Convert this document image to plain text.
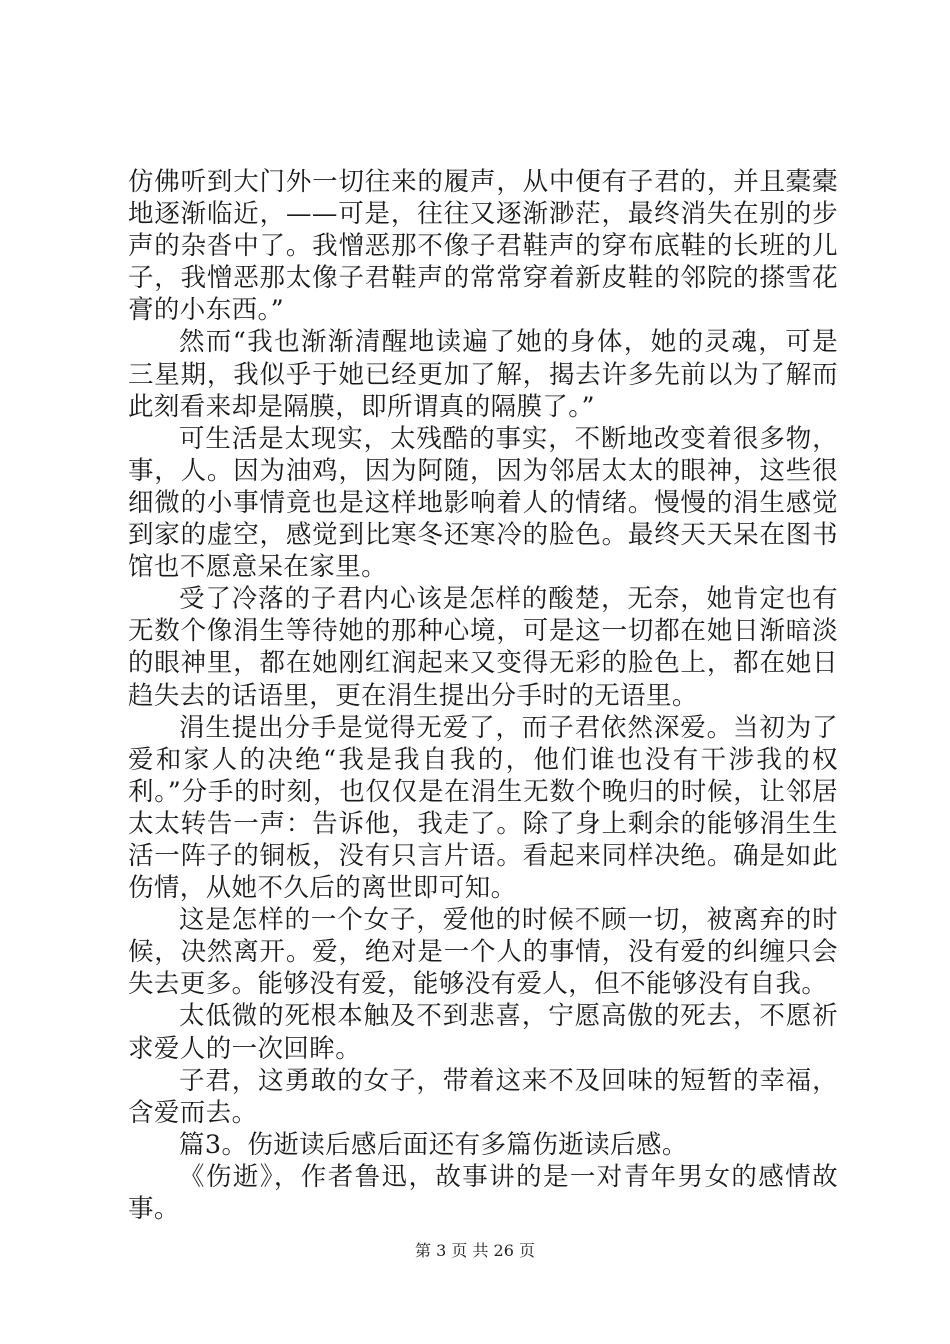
仿佛听到大门外一切往来的履声，从中便有子君的，并且橐橐地逐渐临近，——可是，往往又逐渐渺茫，最终消失在别的步声的杂沓中了。我憎恶那不像子君鞋声的穿布底鞋的长班的儿子，我憎恶那太像子君鞋声的常常穿着新皮鞋的邻院的搽雪花膏的小东西。”

然而“我也渐渐清醒地读遍了她的身体，她的灵魂，可是三星期，我似乎于她已经更加了解，揭去许多先前以为了解而此刻看来却是隔膜，即所谓真的隔膜了。”

可生活是太现实，太残酷的事实，不断地改变着很多物，事，人。因为油鸡，因为阿随，因为邻居太太的眼神，这些很细微的小事情竟也是这样地影响着人的情绪。慢慢的涓生感觉到家的虚空，感觉到比寒冬还寒冷的脸色。最终天天呆在图书馆也不愿意呆在家里。

受了冷落的子君内心该是怎样的酸楚，无奈，她肯定也有无数个像涓生等待她的那种心境，可是这一切都在她日渐暗淡的眼神里，都在她刚红润起来又变得无彩的脸色上，都在她日趋失去的话语里，更在涓生提出分手时的无语里。

涓生提出分手是觉得无爱了，而子君依然深爱。当初为了爱和家人的决绝“我是我自我的，他们谁也没有干涉我的权利。”分手的时刻，也仅仅是在涓生无数个晚归的时候，让邻居太太转告一声：告诉他，我走了。除了身上剩余的能够涓生生活一阵子的铜板，没有只言片语。看起来同样决绝。确是如此伤情，从她不久后的离世即可知。

这是怎样的一个女子，爱他的时候不顾一切，被离弃的时候，决然离开。爱，绝对是一个人的事情，没有爱的纠缠只会失去更多。能够没有爱，能够没有爱人，但不能够没有自我。

太低微的死根本触及不到悲喜，宁愿高傲的死去，不愿祈求爱人的一次回眸。

子君，这勇敢的女子，带着这来不及回味的短暂的幸福，含爱而去。

篇3。伤逝读后感后面还有多篇伤逝读后感。

《伤逝》，作者鲁迅，故事讲的是一对青年男女的感情故事。

第 3 页 共 26 页
